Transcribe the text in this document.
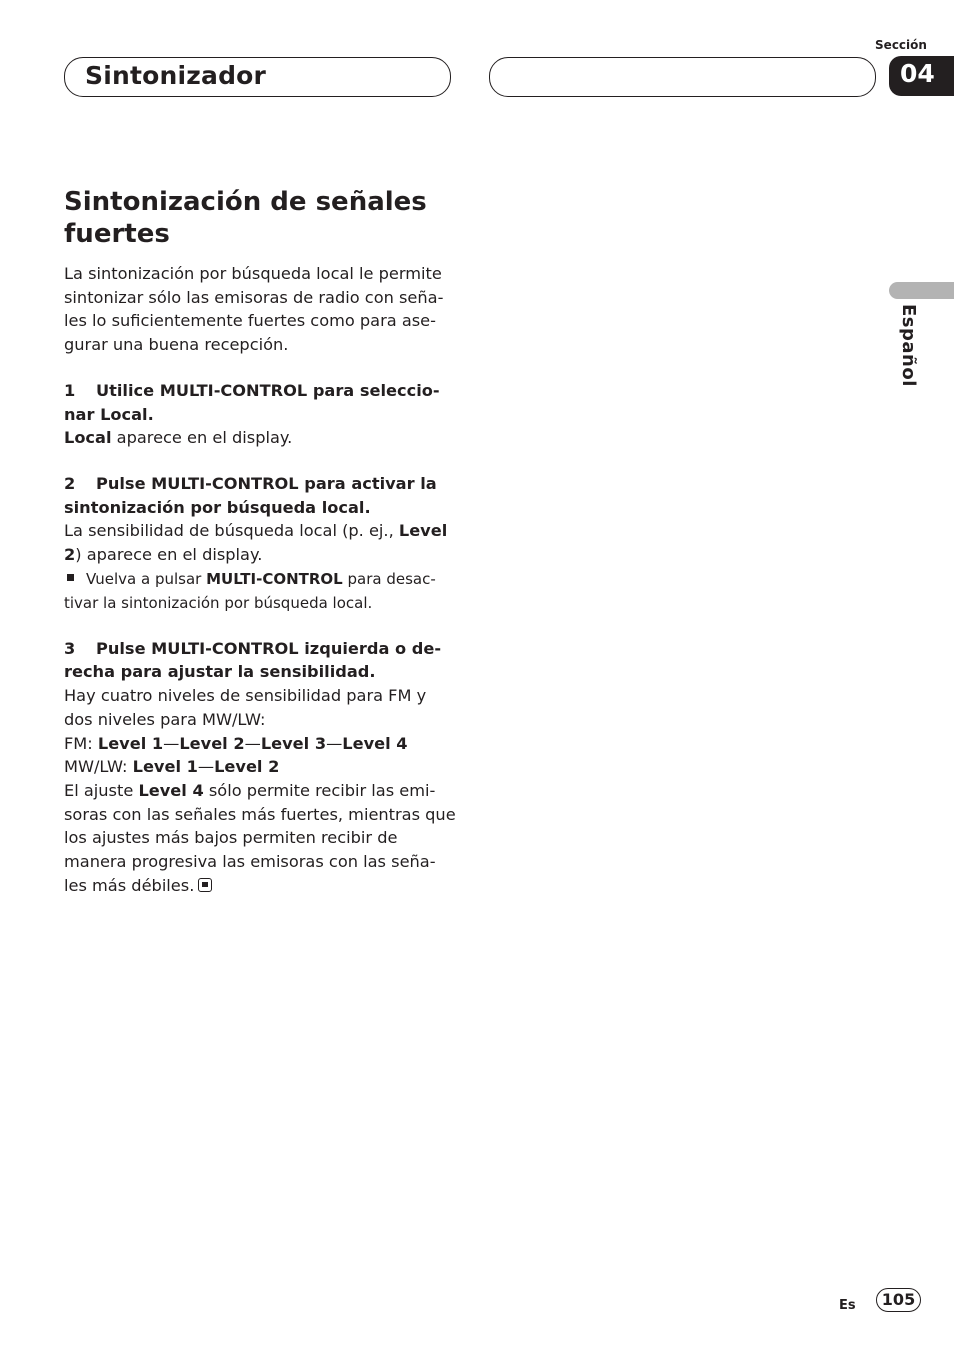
Sintonizador
Sección
04
Español
Sintonización de señales fuertes

La sintonización por búsqueda local le permite sintonizar sólo las emisoras de radio con seña-les lo suficientemente fuertes como para ase-gurar una buena recepción.

1 Utilice MULTI-CONTROL para seleccio-nar Local.

Local aparece en el display.

2 Pulse MULTI-CONTROL para activar la sintonización por búsqueda local.

La sensibilidad de búsqueda local (p. ej., Level 2) aparece en el display.

Vuelva a pulsar MULTI-CONTROL para desac-tivar la sintonización por búsqueda local.

3 Pulse MULTI-CONTROL izquierda o de-recha para ajustar la sensibilidad.

Hay cuatro niveles de sensibilidad para FM y dos niveles para MW/LW:

FM: Level 1—Level 2—Level 3—Level 4

MW/LW: Level 1—Level 2

El ajuste Level 4 sólo permite recibir las emi-soras con las señales más fuertes, mientras que los ajustes más bajos permiten recibir de manera progresiva las emisoras con las seña-les más débiles.

Es	105
